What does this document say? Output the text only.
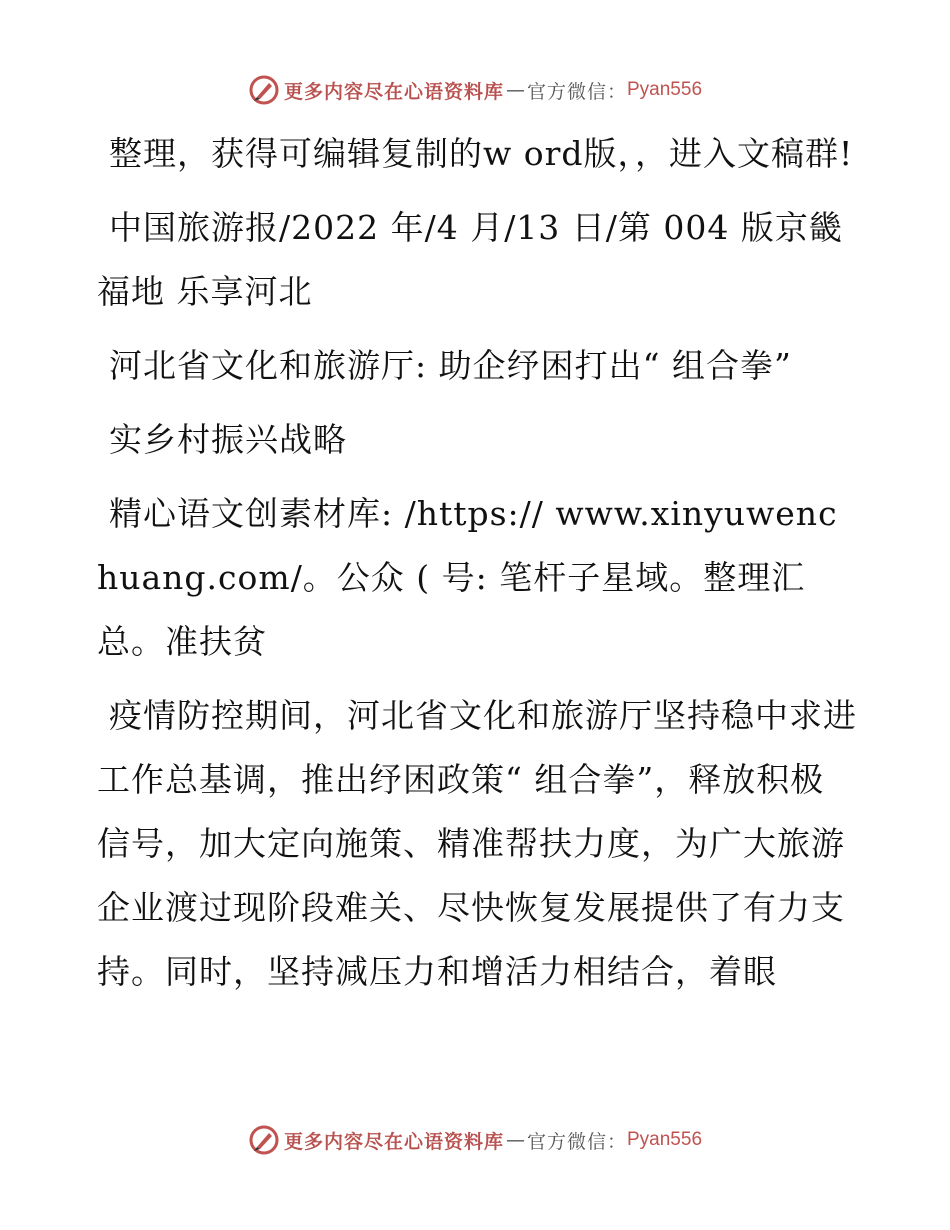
更多内容尽在心语资料库 — 官方微信： Pyan556

整理，获得可编辑复制的w ord版，，进入文稿群!

中国旅游报/2022 年/4 月/13 日/第 004 版京畿福地 乐享河北

河北省文化和旅游厅: 助企纾困打出“ 组合拳”

实乡村振兴战略

精心语文创素材库: /https:// www.xinyuwenchuang.com/。公众 ( 号: 笔杆子星域。整理汇总。准扶贫

疫情防控期间，河北省文化和旅游厅坚持稳中求进工作总基调，推出纾困政策“ 组合拳”，释放积极信号，加大定向施策、精准帮扶力度，为广大旅游企业渡过现阶段难关、尽快恢复发展提供了有力支持。同时，坚持减压力和增活力相结合，着眼

更多内容尽在心语资料库 — 官方微信： Pyan556
